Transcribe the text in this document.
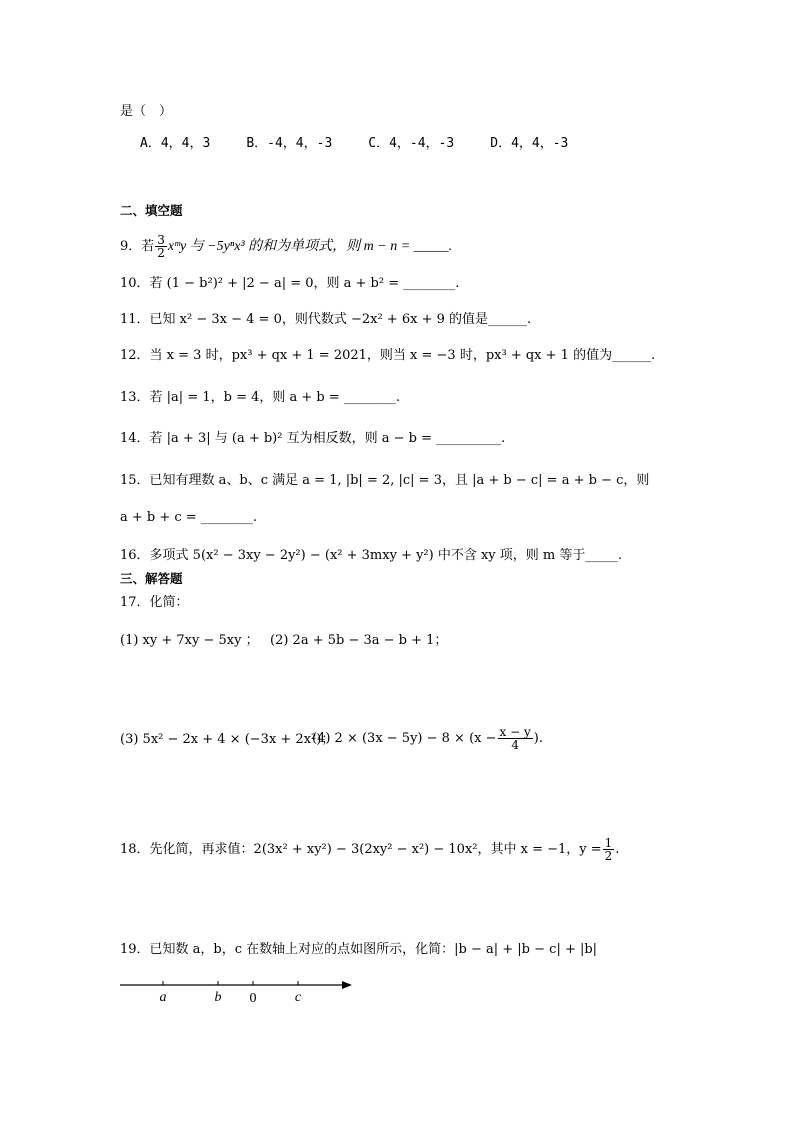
是（　）
A．4，4，3	B．-4，4，-3	C．4，-4，-3	D．4，4，-3
二、填空题
9．若 $\frac{3}{2}$ xᵐy 与 −5yⁿx³ 的和为单项式，则 m − n = _____.
10．若 (1 − b²)² + |2 − a| = 0，则 a + b² = ________.
11．已知 x² − 3x − 4 = 0，则代数式 −2x² + 6x + 9 的值是______.
12．当 x = 3 时，px³ + qx + 1 = 2021，则当 x = −3 时，px³ + qx + 1 的值为______.
13．若 |a| = 1，b = 4，则 a + b = ________.
14．若 |a + 3| 与 (a + b)² 互为相反数，则 a − b = __________.
15．已知有理数 a、b、c 满足 a = 1, |b| = 2, |c| = 3，且 |a + b − c| = a + b − c，则
a + b + c = ________.
16．多项式 5(x² − 3xy − 2y²) − (x² + 3mxy + y²) 中不含 xy 项，则 m 等于_____.
三、解答题
17．化简：
(1) xy + 7xy − 5xy ； (2) 2a + 5b − 3a − b + 1；
(3) 5x² − 2x + 4 × (−3x + 2x²)；
(4) $2 \times (3x - 5y) - 8 \times (x - \frac{x - y}{4}$ ).
18．先化简，再求值：2(3x² + xy²) − 3(2xy² − x²) − 10x²，其中 x = −1，$y = \frac{1}{2}$ .
19．已知数 a，b，c 在数轴上对应的点如图所示，化简：|b − a| + |b − c| + |b|
a	b 0	c
